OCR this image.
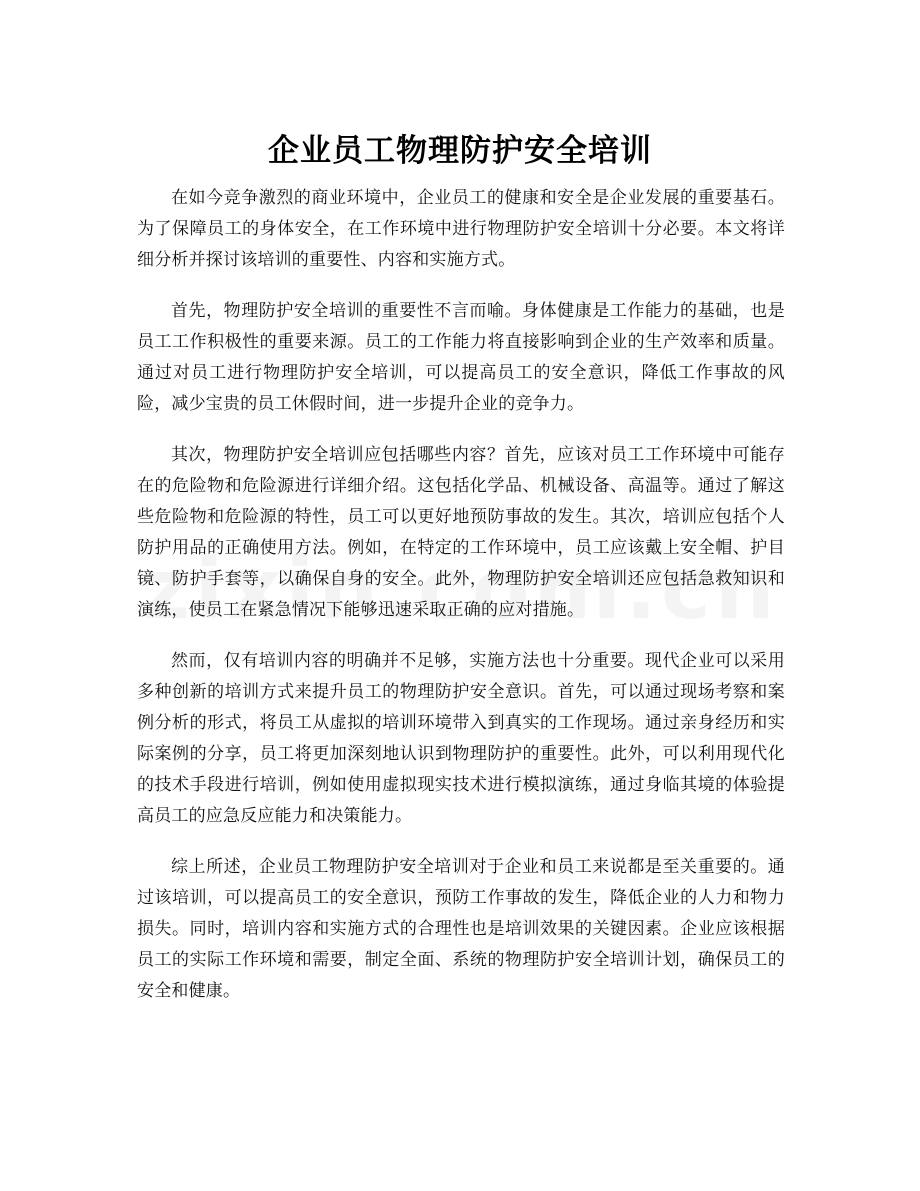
企业员工物理防护安全培训

在如今竞争激烈的商业环境中，企业员工的健康和安全是企业发展的重要基石。为了保障员工的身体安全，在工作环境中进行物理防护安全培训十分必要。本文将详细分析并探讨该培训的重要性、内容和实施方式。

首先，物理防护安全培训的重要性不言而喻。身体健康是工作能力的基础，也是员工工作积极性的重要来源。员工的工作能力将直接影响到企业的生产效率和质量。通过对员工进行物理防护安全培训，可以提高员工的安全意识，降低工作事故的风险，减少宝贵的员工休假时间，进一步提升企业的竞争力。

其次，物理防护安全培训应包括哪些内容？首先，应该对员工工作环境中可能存在的危险物和危险源进行详细介绍。这包括化学品、机械设备、高温等。通过了解这些危险物和危险源的特性，员工可以更好地预防事故的发生。其次，培训应包括个人防护用品的正确使用方法。例如，在特定的工作环境中，员工应该戴上安全帽、护目镜、防护手套等，以确保自身的安全。此外，物理防护安全培训还应包括急救知识和演练，使员工在紧急情况下能够迅速采取正确的应对措施。

然而，仅有培训内容的明确并不足够，实施方法也十分重要。现代企业可以采用多种创新的培训方式来提升员工的物理防护安全意识。首先，可以通过现场考察和案例分析的形式，将员工从虚拟的培训环境带入到真实的工作现场。通过亲身经历和实际案例的分享，员工将更加深刻地认识到物理防护的重要性。此外，可以利用现代化的技术手段进行培训，例如使用虚拟现实技术进行模拟演练，通过身临其境的体验提高员工的应急反应能力和决策能力。

综上所述，企业员工物理防护安全培训对于企业和员工来说都是至关重要的。通过该培训，可以提高员工的安全意识，预防工作事故的发生，降低企业的人力和物力损失。同时，培训内容和实施方式的合理性也是培训效果的关键因素。企业应该根据员工的实际工作环境和需要，制定全面、系统的物理防护安全培训计划，确保员工的安全和健康。
